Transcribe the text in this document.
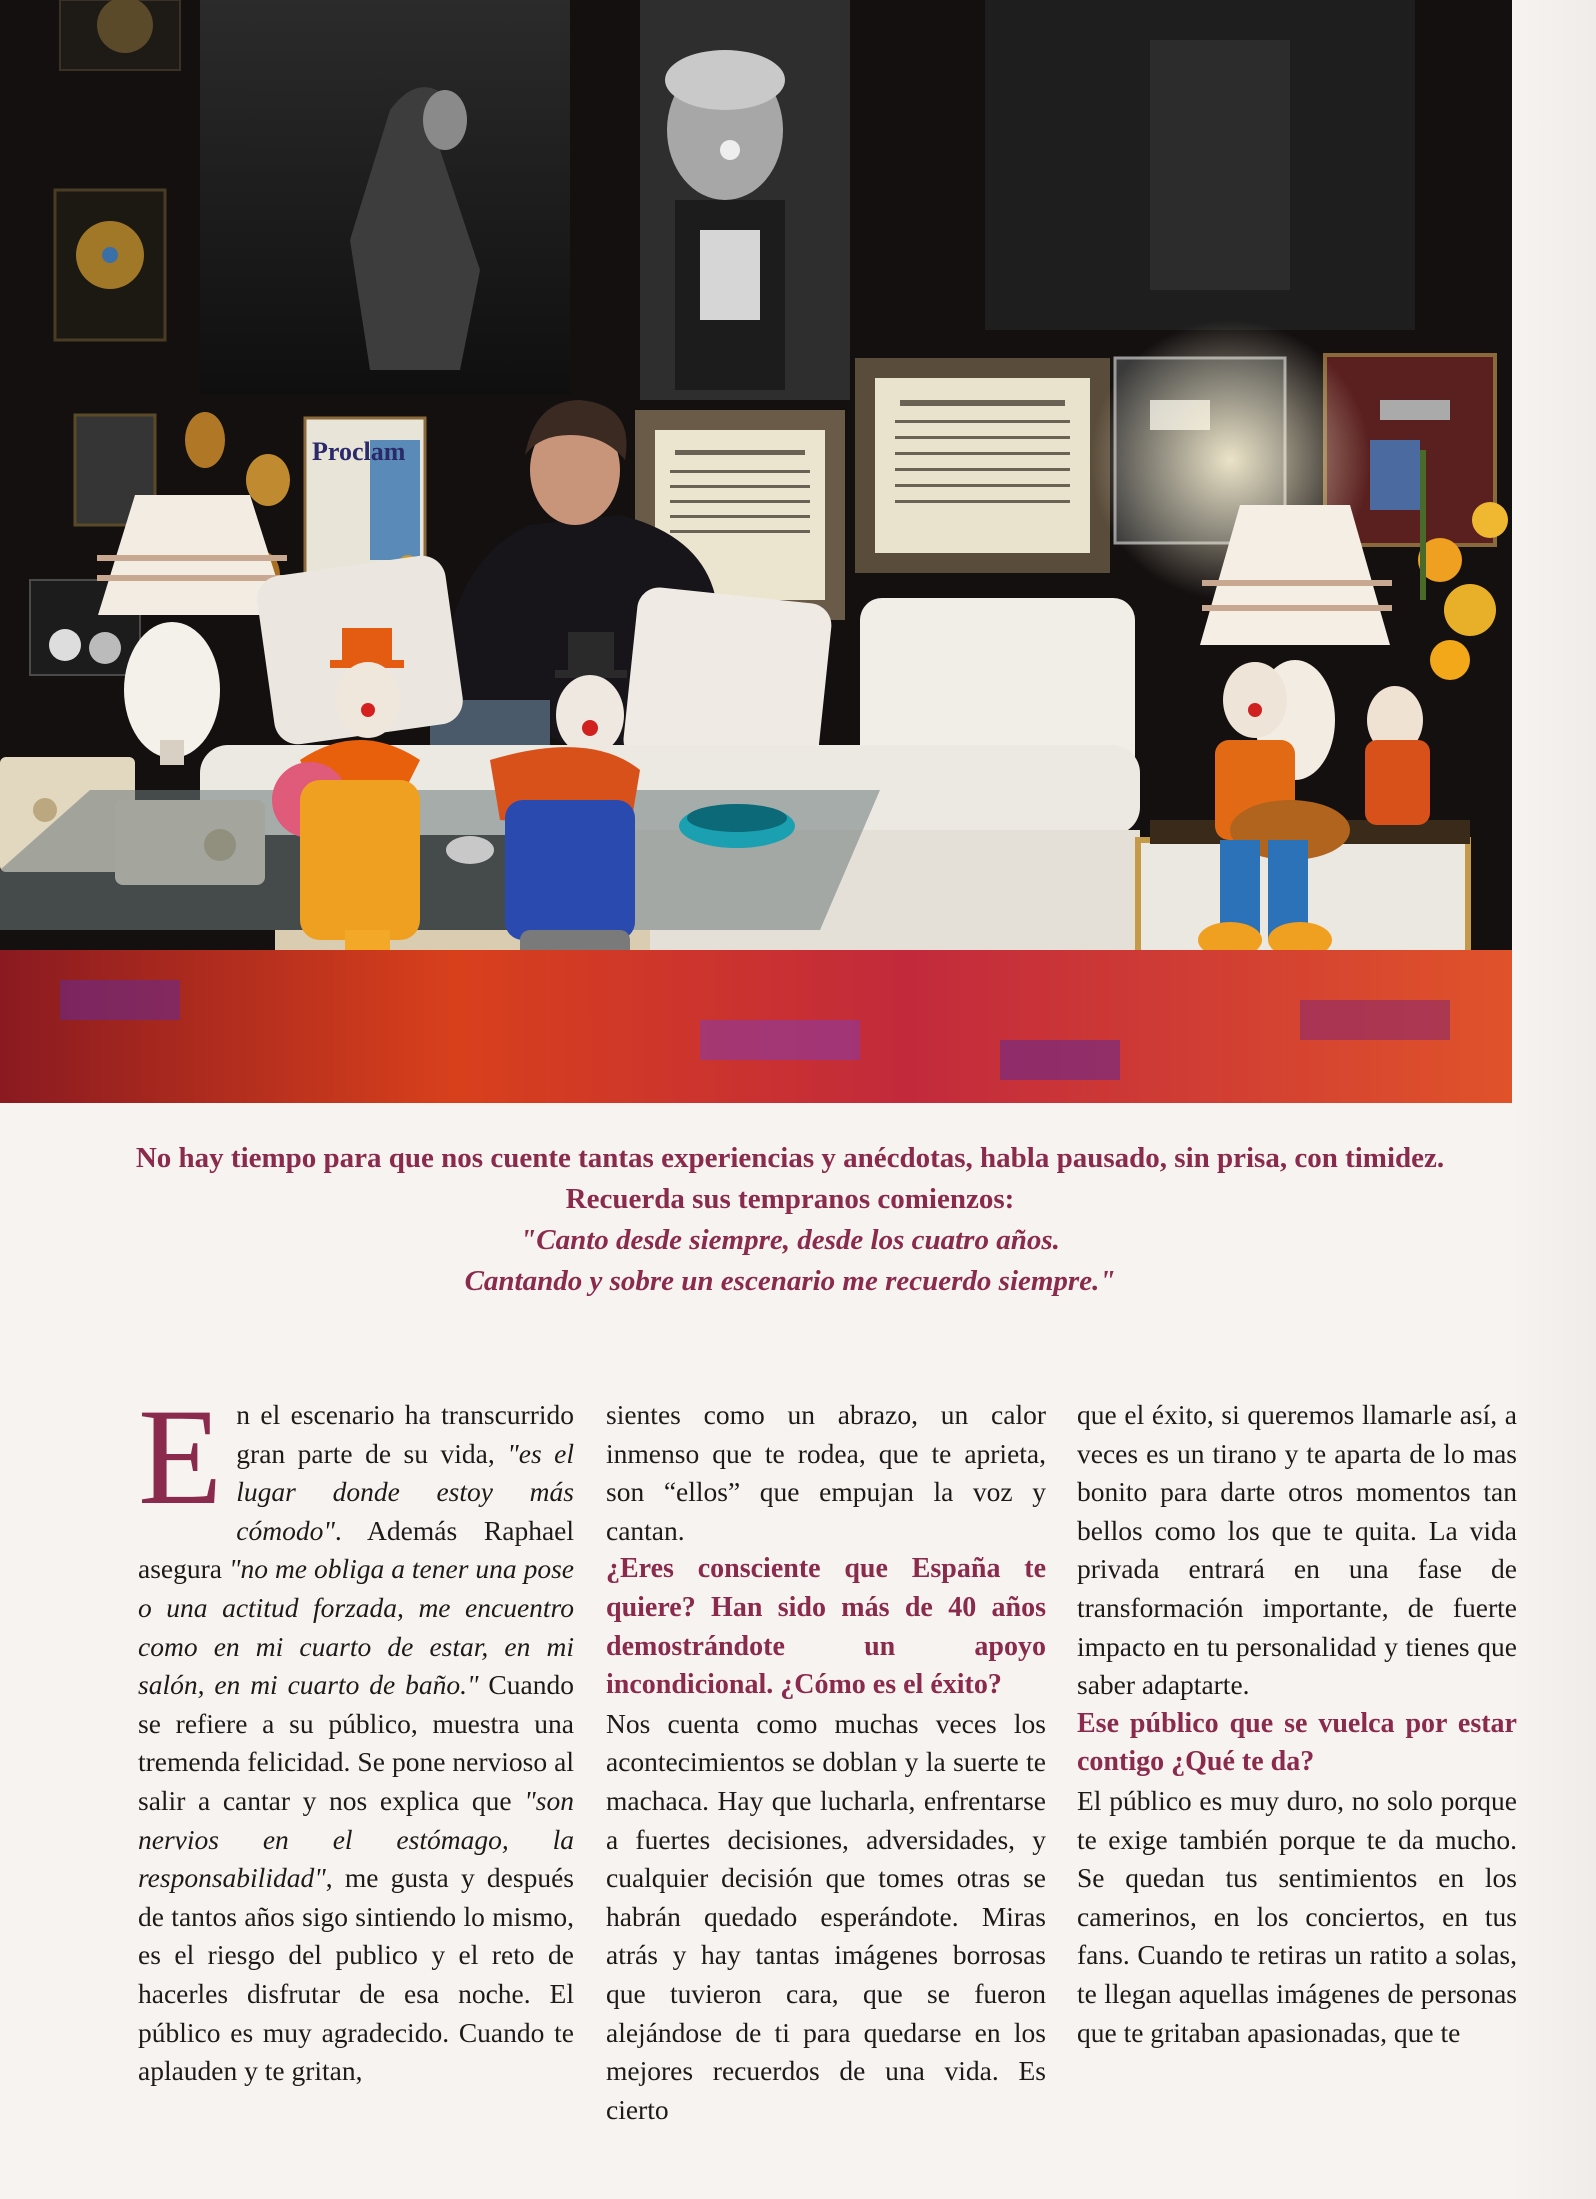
Proclam
No hay tiempo para que nos cuente tantas experiencias y anécdotas, habla pausado, sin prisa, con timidez.
Recuerda sus tempranos comienzos:
"Canto desde siempre, desde los cuatro años.
Cantando y sobre un escenario me recuerdo siempre."
E n el escenario ha transcurrido gran parte de su vida, "es el lugar donde estoy más cómodo". Además Raphael asegura "no me obliga a tener una pose o una actitud forzada, me encuentro como en mi cuarto de estar, en mi salón, en mi cuarto de baño." Cuando se refiere a su público, muestra una tremenda felicidad. Se pone nervioso al salir a cantar y nos explica que "son nervios en el estómago, la responsabilidad", me gusta y después de tantos años sigo sintiendo lo mismo, es el riesgo del publico y el reto de hacerles disfrutar de esa noche. El público es muy agradecido. Cuando te aplauden y te gritan,

sientes como un abrazo, un calor inmenso que te rodea, que te aprieta, son “ellos” que empujan la voz y cantan.

¿Eres consciente que España te quiere? Han sido más de 40 años demostrándote un apoyo incondicional. ¿Cómo es el éxito?

Nos cuenta como muchas veces los acontecimientos se doblan y la suerte te machaca. Hay que lucharla, enfrentarse a fuertes decisiones, adversidades, y cualquier decisión que tomes otras se habrán quedado esperándote. Miras atrás y hay tantas imágenes borrosas que tuvieron cara, que se fueron alejándose de ti para quedarse en los mejores recuerdos de una vida. Es cierto

que el éxito, si queremos llamarle así, a veces es un tirano y te aparta de lo mas bonito para darte otros momentos tan bellos como los que te quita. La vida privada entrará en una fase de transformación importante, de fuerte impacto en tu personalidad y tienes que saber adaptarte.

Ese público que se vuelca por estar contigo ¿Qué te da?

El público es muy duro, no solo porque te exige también porque te da mucho. Se quedan tus sentimientos en los camerinos, en los conciertos, en tus fans. Cuando te retiras un ratito a solas, te llegan aquellas imágenes de personas que te gritaban apasionadas, que te
